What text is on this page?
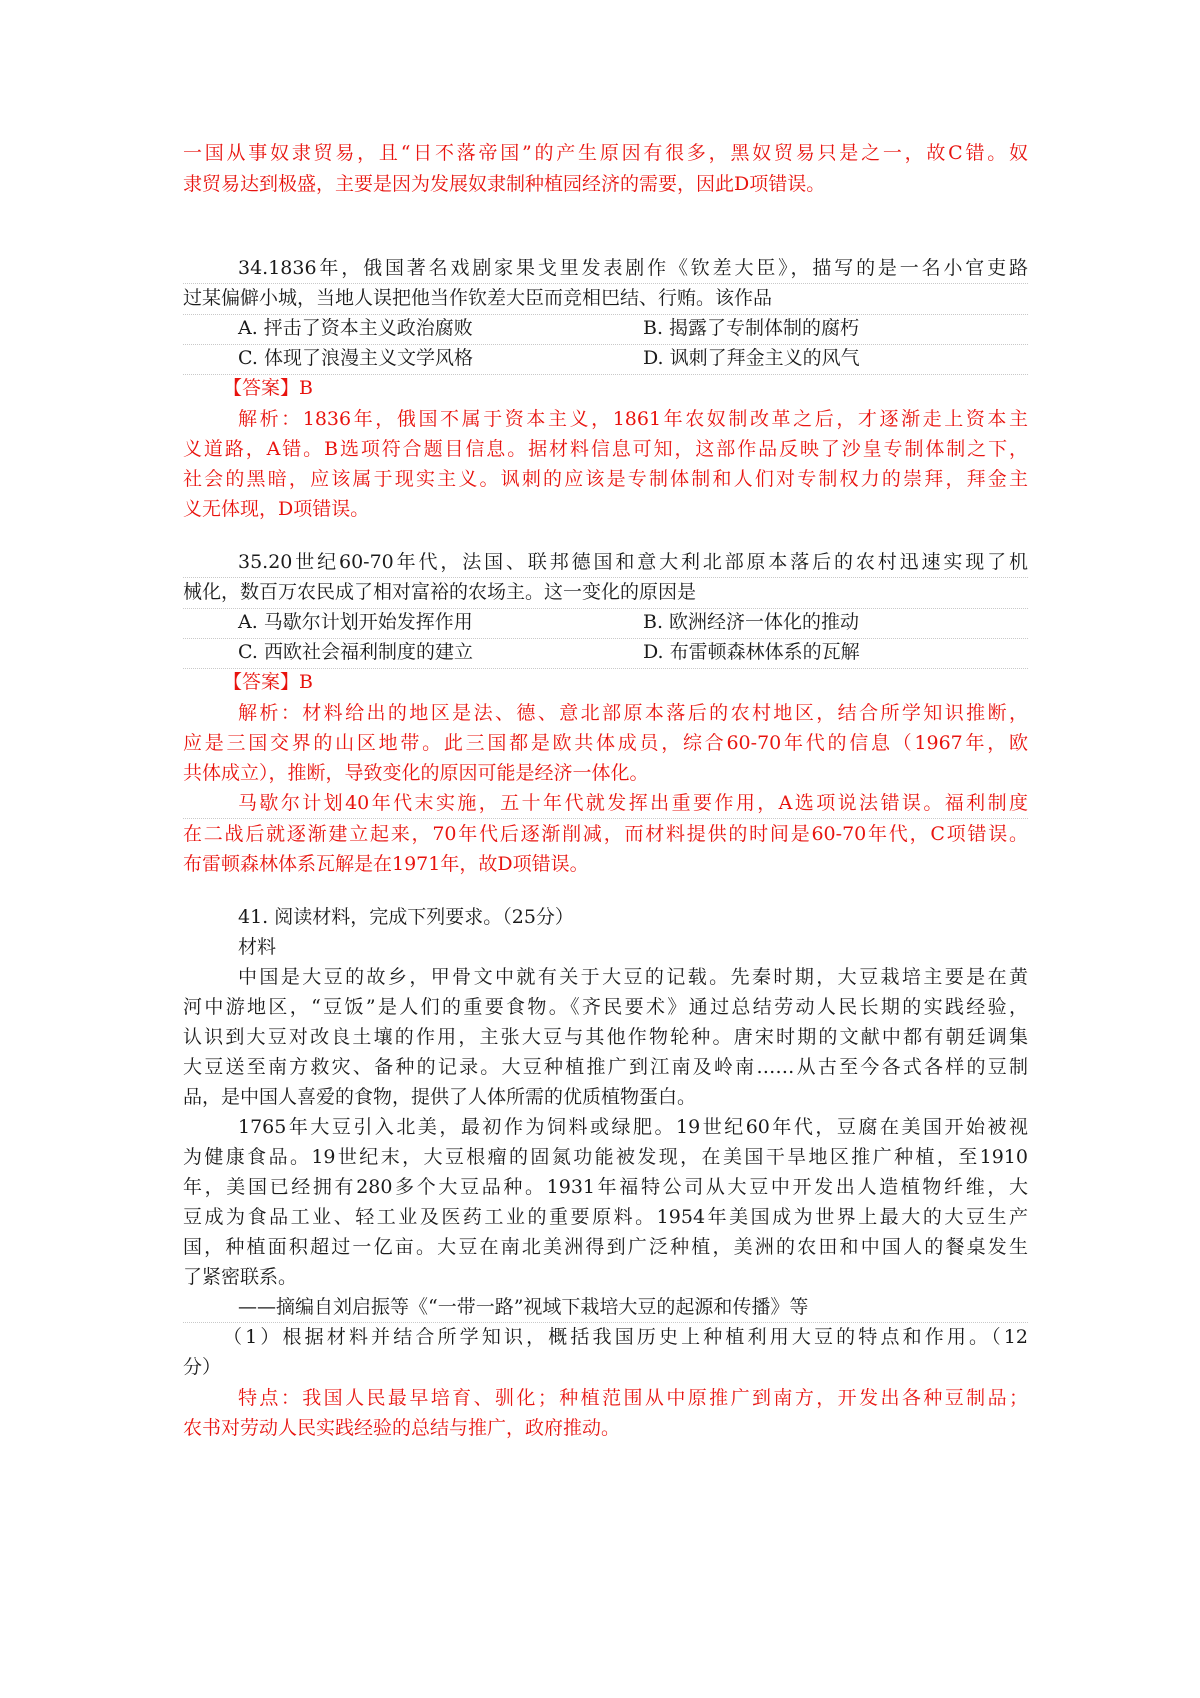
一国从事奴隶贸易，且“日不落帝国”的产生原因有很多，黑奴贸易只是之一，故C错。奴
隶贸易达到极盛，主要是因为发展奴隶制种植园经济的需要，因此D项错误。
34.1836年，俄国著名戏剧家果戈里发表剧作《钦差大臣》，描写的是一名小官吏路
过某偏僻小城，当地人误把他当作钦差大臣而竞相巴结、行贿。该作品
A. 抨击了资本主义政治腐败	B. 揭露了专制体制的腐朽
C. 体现了浪漫主义文学风格	D. 讽刺了拜金主义的风气
【答案】B
解析：1836年，俄国不属于资本主义，1861年农奴制改革之后，才逐渐走上资本主
义道路，A错。B选项符合题目信息。据材料信息可知，这部作品反映了沙皇专制体制之下，
社会的黑暗，应该属于现实主义。讽刺的应该是专制体制和人们对专制权力的崇拜，拜金主
义无体现，D项错误。
35.20世纪60-70年代，法国、联邦德国和意大利北部原本落后的农村迅速实现了机
械化，数百万农民成了相对富裕的农场主。这一变化的原因是
A. 马歇尔计划开始发挥作用	B. 欧洲经济一体化的推动
C. 西欧社会福利制度的建立	D. 布雷顿森林体系的瓦解
【答案】B
解析：材料给出的地区是法、德、意北部原本落后的农村地区，结合所学知识推断，
应是三国交界的山区地带。此三国都是欧共体成员，综合60-70年代的信息（1967年，欧
共体成立），推断，导致变化的原因可能是经济一体化。
马歇尔计划40年代末实施，五十年代就发挥出重要作用，A选项说法错误。福利制度
在二战后就逐渐建立起来，70年代后逐渐削减，而材料提供的时间是60-70年代，C项错误。
布雷顿森林体系瓦解是在1971年，故D项错误。
41. 阅读材料，完成下列要求。（25分）
材料
中国是大豆的故乡，甲骨文中就有关于大豆的记载。先秦时期，大豆栽培主要是在黄
河中游地区，“豆饭”是人们的重要食物。《齐民要术》通过总结劳动人民长期的实践经验，
认识到大豆对改良土壤的作用，主张大豆与其他作物轮种。唐宋时期的文献中都有朝廷调集
大豆送至南方救灾、备种的记录。大豆种植推广到江南及岭南……从古至今各式各样的豆制
品，是中国人喜爱的食物，提供了人体所需的优质植物蛋白。
1765年大豆引入北美，最初作为饲料或绿肥。19世纪60年代，豆腐在美国开始被视
为健康食品。19世纪末，大豆根瘤的固氮功能被发现，在美国干旱地区推广种植，至1910
年，美国已经拥有280多个大豆品种。1931年福特公司从大豆中开发出人造植物纤维，大
豆成为食品工业、轻工业及医药工业的重要原料。1954年美国成为世界上最大的大豆生产
国，种植面积超过一亿亩。大豆在南北美洲得到广泛种植，美洲的农田和中国人的餐桌发生
了紧密联系。
——摘编自刘启振等《“一带一路”视域下栽培大豆的起源和传播》等
（1）根据材料并结合所学知识，概括我国历史上种植利用大豆的特点和作用。（12
分）
特点：我国人民最早培育、驯化；种植范围从中原推广到南方，开发出各种豆制品；
农书对劳动人民实践经验的总结与推广，政府推动。
